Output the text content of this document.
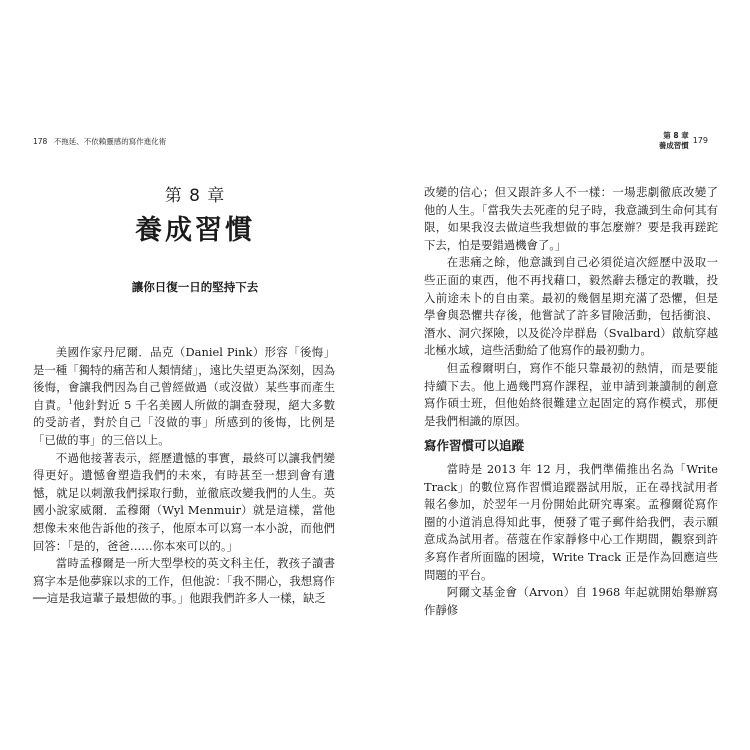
178 不拖延、不依賴靈感的寫作進化術
第 8 章
養成習慣
讓你日復一日的堅持下去

美國作家丹尼爾．品克（Daniel Pink）形容「後悔」是一種「獨特的痛苦和人類情緒」，遠比失望更為深刻，因為後悔，會讓我們因為自己曾經做過（或沒做）某些事而產生自責。$^1$他針對近 5 千名美國人所做的調查發現，絕大多數的受訪者，對於自己「沒做的事」所感到的後悔，比例是「已做的事」的三倍以上。

不過他接著表示，經歷遺憾的事實，最終可以讓我們變得更好。遺憾會塑造我們的未來，有時甚至一想到會有遺憾，就足以刺激我們採取行動，並徹底改變我們的人生。英國小說家威爾．孟穆爾（Wyl Menmuir）就是這樣，當他想像未來他告訴他的孩子，他原本可以寫一本小說，而他們回答：「是的，爸爸……你本來可以的。」

當時孟穆爾是一所大型學校的英文科主任，教孩子讀書寫字本是他夢寐以求的工作，但他說：「我不開心，我想寫作──這是我這輩子最想做的事。」他跟我們許多人一樣，缺乏

第 8 章
養成習慣179

改變的信心；但又跟許多人不一樣：一場悲劇徹底改變了他的人生。「當我失去死產的兒子時，我意識到生命何其有限，如果我沒去做這些我想做的事怎麼辦？要是我再蹉跎下去，怕是要錯過機會了。」

在悲痛之餘，他意識到自己必須從這次經歷中汲取一些正面的東西，他不再找藉口，毅然辭去穩定的教職，投入前途未卜的自由業。最初的幾個星期充滿了恐懼，但是學會與恐懼共存後，他嘗試了許多冒險活動，包括衝浪、潛水、洞穴探險，以及從冷岸群島（Svalbard）啟航穿越北極水域，這些活動給了他寫作的最初動力。

但孟穆爾明白，寫作不能只靠最初的熱情，而是要能持續下去。他上過幾門寫作課程，並申請到兼讀制的創意寫作碩士班，但他始終很難建立起固定的寫作模式，那便是我們相識的原因。

寫作習慣可以追蹤

當時是 2013 年 12 月，我們準備推出名為「Write Track」的數位寫作習慣追蹤器試用版，正在尋找試用者報名參加，於翌年一月份開始此研究專案。孟穆爾從寫作圈的小道消息得知此事，便發了電子郵件給我們，表示願意成為試用者。蓓蔻在作家靜修中心工作期間，觀察到許多寫作者所面臨的困境，Write Track 正是作為回應這些問題的平台。

阿爾文基金會（Arvon）自 1968 年起就開始舉辦寫作靜修
